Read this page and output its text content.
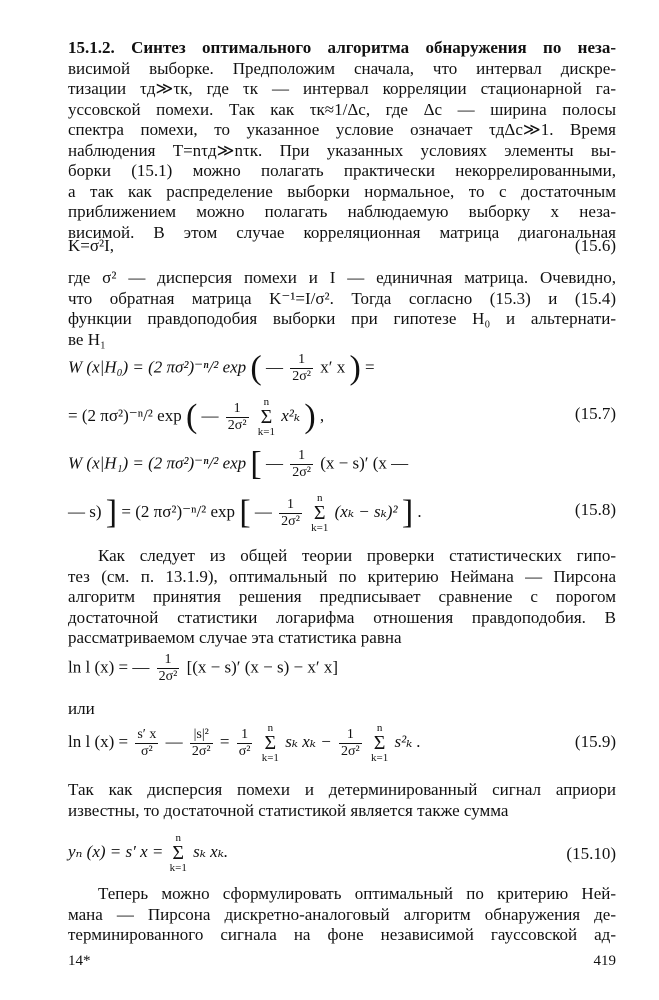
15.1.2. Синтез оптимального алгоритма обнаружения по неза-
висимой выборке. Предположим сначала, что интервал дискре-
тизации τд≫τк, где τк — интервал корреляции стационарной га-
уссовской помехи. Так как τк≈1/Δс, где Δс — ширина полосы
спектра помехи, то указанное условие означает τдΔс≫1. Время
наблюдения T=nτд≫nτк. При указанных условиях элементы вы-
борки (15.1) можно полагать практически некоррелированными,
а так как распределение выборки нормальное, то с достаточным
приближением можно полагать наблюдаемую выборку x неза-
висимой. В этом случае корреляционная матрица диагональная
K=σ²I,	(15.6)
где σ² — дисперсия помехи и I — единичная матрица. Очевидно,
что обратная матрица K⁻¹=I/σ². Тогда согласно (15.3) и (15.4)
функции правдоподобия выборки при гипотезе H₀ и альтернати-
ве H₁
W (x|H₀) = (2 πσ²)⁻ⁿ/² exp ( — $\frac{1}{\text{2σ²}} x'$ x ) =
= (2 πσ²)⁻ⁿ/² exp ( — $\frac{1}{\text{2σ²}}$ n
Σ
k=1 x²ₖ ) ,	(15.7)
W (x|H₁) = (2 πσ²)⁻ⁿ/² exp [ — $\frac{1}{\text{2σ²}} (x - s)'$ (x —
— s) ] = (2 πσ²)⁻ⁿ/² exp [ — $\frac{1}{\text{2σ²}}$ n
Σ
k=1 (xₖ − sₖ)² ] .	(15.8)
Как следует из общей теории проверки статистических гипо-
тез (см. п. 13.1.9), оптимальный по критерию Неймана — Пирсона
алгоритм принятия решения предписывает сравнение с порогом
достаточной статистики логарифма отношения правдоподобия. В
рассматриваемом случае эта статистика равна
ln l (x) = — $\frac{1}{\text{2σ²}} [(x - s)'$ (x − s) − x′ x]
или
ln l $(x) = \frac{s' x}{\text{σ²}}$ — $\frac{\text{|s|²}}{\text{2σ²}} = \frac{1}{\text{σ²}}$ n
Σ
k=1 sₖ $x_k - \frac{1}{\text{2σ²}}$ n
Σ
k=1 s²ₖ .	(15.9)
Так как дисперсия помехи и детерминированный сигнал априори
известны, то достаточной статистикой является также сумма
yₙ (x) = s′ x = n
Σ
k=1 sₖ xₖ.	(15.10)
Теперь можно сформулировать оптимальный по критерию Ней-
мана — Пирсона дискретно-аналоговый алгоритм обнаружения де-
терминированного сигнала на фоне независимой гауссовской ад-
14*	419
